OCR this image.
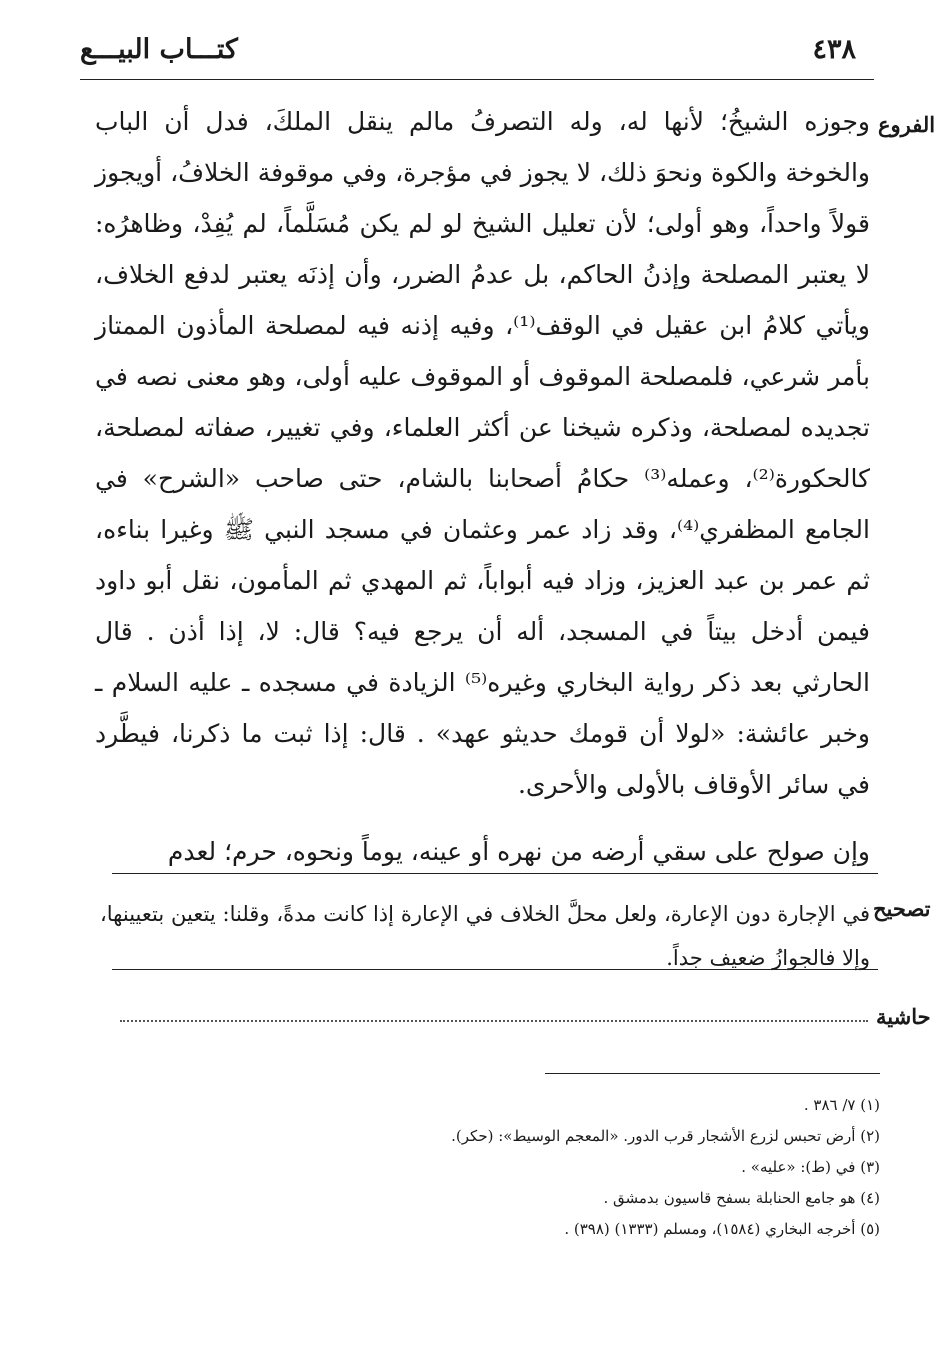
٤٣٨
كتـــاب البيـــع
الفروع

وجوزه الشيخُ؛ لأنها له، وله التصرفُ مالم ينقل الملكَ، فدل أن الباب والخوخة والكوة ونحوَ ذلك، لا يجوز في مؤجرة، وفي موقوفة الخلافُ، أويجوز قولاً واحداً، وهو أولى؛ لأن تعليل الشيخ لو لم يكن مُسَلَّماً، لم يُفِدْ، وظاهرُه: لا يعتبر المصلحة وإذنُ الحاكم، بل عدمُ الضرر، وأن إذنَه يعتبر لدفع الخلاف، ويأتي كلامُ ابن عقيل في الوقف⁽¹⁾، وفيه إذنه فيه لمصلحة المأذون الممتاز بأمر شرعي، فلمصلحة الموقوف أو الموقوف عليه أولى، وهو معنى نصه في تجديده لمصلحة، وذكره شيخنا عن أكثر العلماء، وفي تغيير، صفاته لمصلحة، كالحكورة⁽²⁾، وعمله⁽³⁾ حكامُ أصحابنا بالشام، حتى صاحب «الشرح» في الجامع المظفري⁽⁴⁾، وقد زاد عمر وعثمان في مسجد النبي ﷺ وغيرا بناءه، ثم عمر بن عبد العزيز، وزاد فيه أبواباً، ثم المهدي ثم المأمون، نقل أبو داود فيمن أدخل بيتاً في المسجد، أله أن يرجع فيه؟ قال: لا، إذا أذن . قال الحارثي بعد ذكر رواية البخاري وغيره⁽⁵⁾ الزيادة في مسجده ـ عليه السلام ـ وخبر عائشة: «لولا أن قومك حديثو عهد» . قال: إذا ثبت ما ذكرنا، فيطَّرد في سائر الأوقاف بالأولى والأحرى.

وإن صولح على سقي أرضه من نهره أو عينه، يوماً ونحوه، حرم؛ لعدم

تصحيح
في الإجارة دون الإعارة، ولعل محلَّ الخلاف في الإعارة إذا كانت مدةً، وقلنا: يتعين بتعيينها، وإلا فالجوازُ ضعيف جداً.
حاشية
(١) ٧/ ٣٨٦ .
(٢) أرض تحبس لزرع الأشجار قرب الدور. «المعجم الوسيط»: (حكر).
(٣) في (ط): «عليه» .
(٤) هو جامع الحنابلة بسفح قاسيون بدمشق .
(٥) أخرجه البخاري (١٥٨٤)، ومسلم (١٣٣٣) (٣٩٨) .
